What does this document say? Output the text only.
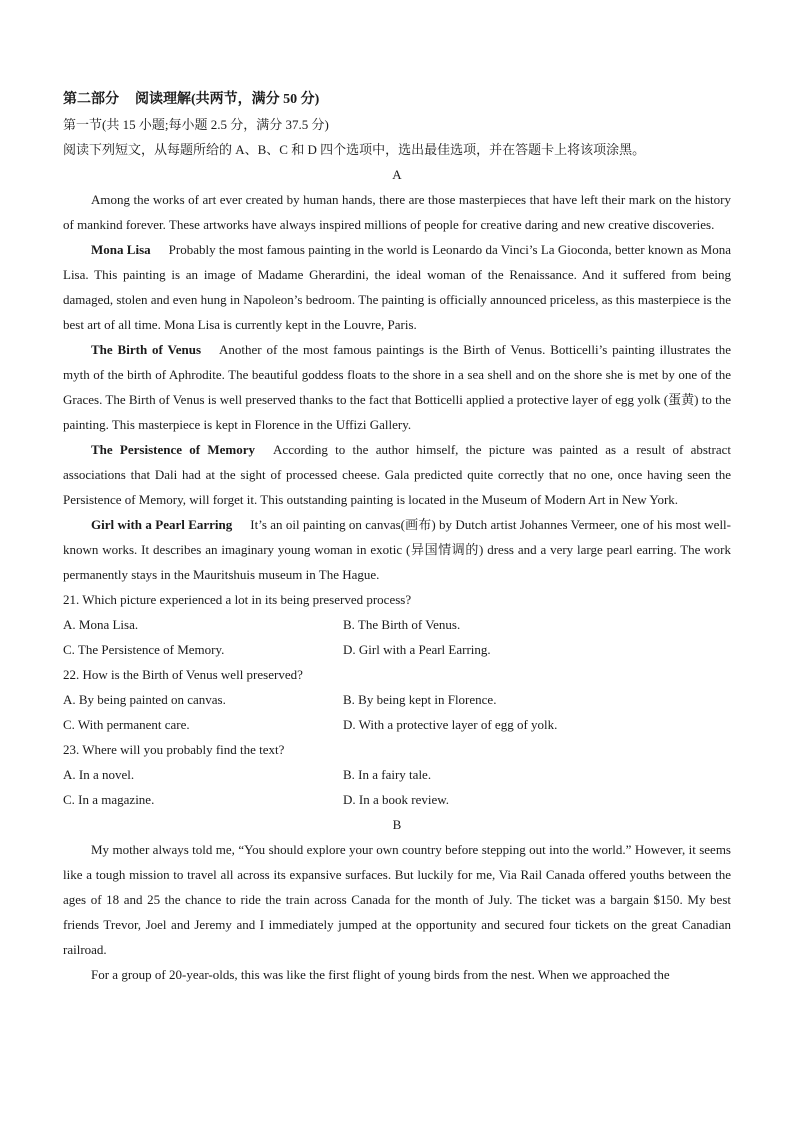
第二部分 阅读理解(共两节，满分 50 分)
第一节(共 15 小题;每小题 2.5 分，满分 37.5 分)
阅读下列短文，从每题所给的 A、B、C 和 D 四个选项中，选出最佳选项，并在答题卡上将该项涂黑。
A

Among the works of art ever created by human hands, there are those masterpieces that have left their mark on the history of mankind forever. These artworks have always inspired millions of people for creative daring and new creative discoveries.

Mona Lisa Probably the most famous painting in the world is Leonardo da Vinci’s La Gioconda, better known as Mona Lisa. This painting is an image of Madame Gherardini, the ideal woman of the Renaissance. And it suffered from being damaged, stolen and even hung in Napoleon’s bedroom. The painting is officially announced priceless, as this masterpiece is the best art of all time. Mona Lisa is currently kept in the Louvre, Paris.

The Birth of Venus Another of the most famous paintings is the Birth of Venus. Botticelli’s painting illustrates the myth of the birth of Aphrodite. The beautiful goddess floats to the shore in a sea shell and on the shore she is met by one of the Graces. The Birth of Venus is well preserved thanks to the fact that Botticelli applied a protective layer of egg yolk (蛋黄) to the painting. This masterpiece is kept in Florence in the Uffizi Gallery.

The Persistence of Memory According to the author himself, the picture was painted as a result of abstract associations that Dali had at the sight of processed cheese. Gala predicted quite correctly that no one, once having seen the Persistence of Memory, will forget it. This outstanding painting is located in the Museum of Modern Art in New York.

Girl with a Pearl Earring It’s an oil painting on canvas(画布) by Dutch artist Johannes Vermeer, one of his most well-known works. It describes an imaginary young woman in exotic (异国情调的) dress and a very large pearl earring. The work permanently stays in the Mauritshuis museum in The Hague.

21. Which picture experienced a lot in its being preserved process?
A. Mona Lisa.	B. The Birth of Venus.
C. The Persistence of Memory.	D. Girl with a Pearl Earring.
22. How is the Birth of Venus well preserved?
A. By being painted on canvas.	B. By being kept in Florence.
C. With permanent care.	D. With a protective layer of egg of yolk.
23. Where will you probably find the text?
A. In a novel.	B. In a fairy tale.
C. In a magazine.	D. In a book review.
B

My mother always told me, “You should explore your own country before stepping out into the world.” However, it seems like a tough mission to travel all across its expansive surfaces. But luckily for me, Via Rail Canada offered youths between the ages of 18 and 25 the chance to ride the train across Canada for the month of July. The ticket was a bargain $150. My best friends Trevor, Joel and Jeremy and I immediately jumped at the opportunity and secured four tickets on the great Canadian railroad.

For a group of 20-year-olds, this was like the first flight of young birds from the nest. When we approached the
